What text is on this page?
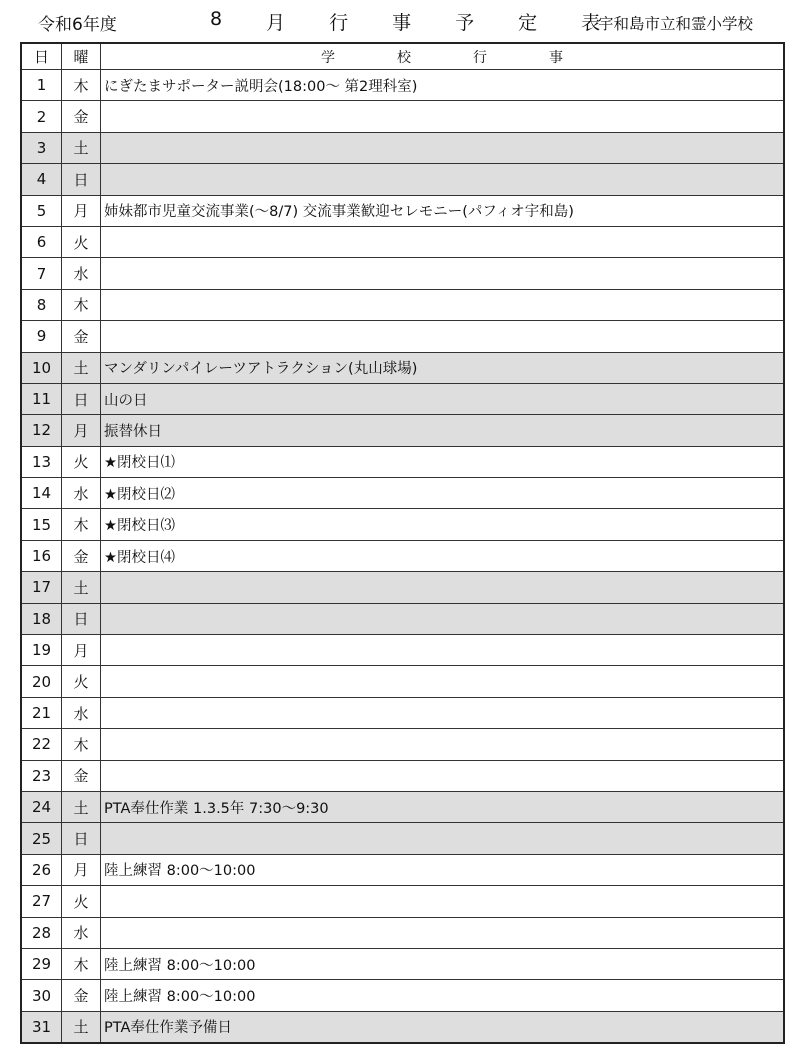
令和6年度	8 月 行 事 予 定 表
宇和島市立和霊小学校
日	曜	学 校 行 事

1	木	にぎたまサポーター説明会(18:00〜 第2理科室)
2	金	
3	土	
4	日	
5	月	姉妹都市児童交流事業(〜8/7) 交流事業歓迎セレモニー(パフィオ宇和島)
6	火	
7	水	
8	木	
9	金	
10	土	マンダリンパイレーツアトラクション(丸山球場)
11	日	山の日
12	月	振替休日
13	火	★閉校日⑴
14	水	★閉校日⑵
15	木	★閉校日⑶
16	金	★閉校日⑷
17	土	
18	日	
19	月	
20	火	
21	水	
22	木	
23	金	
24	土	PTA奉仕作業 1.3.5年 7:30〜9:30
25	日	
26	月	陸上練習 8:00〜10:00
27	火	
28	水	
29	木	陸上練習 8:00〜10:00
30	金	陸上練習 8:00〜10:00
31	土	PTA奉仕作業予備日
